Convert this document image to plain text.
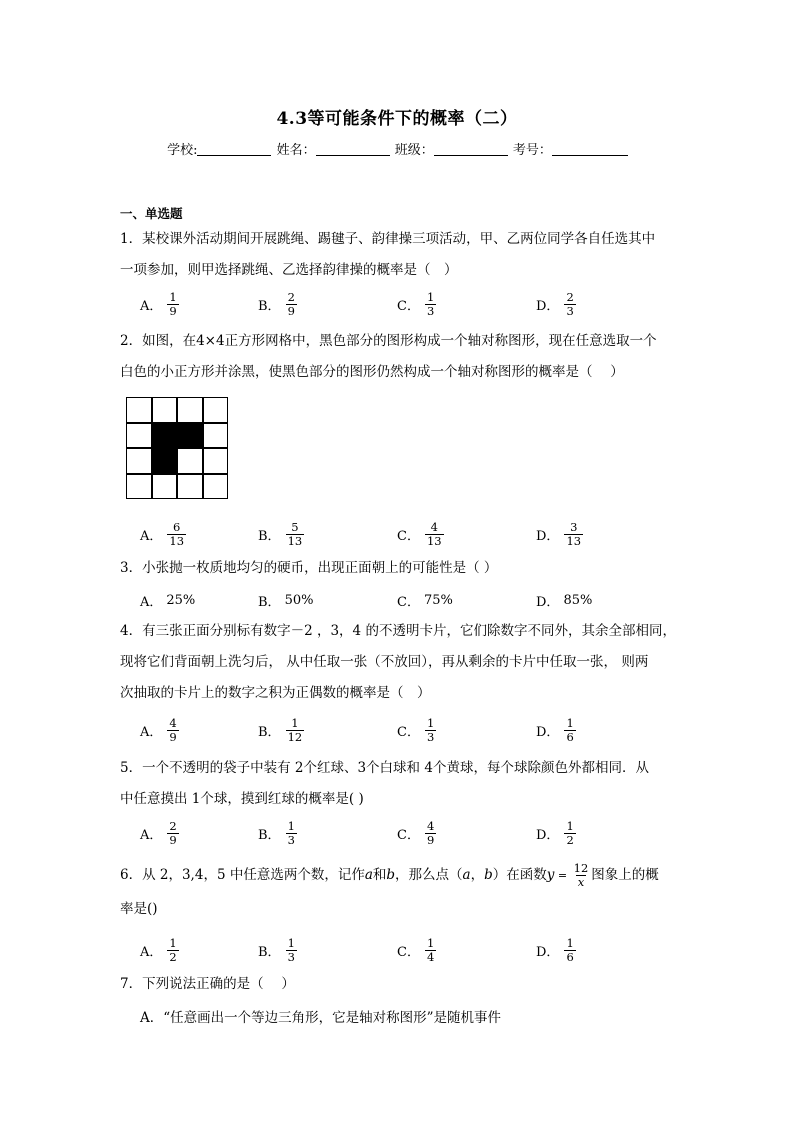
4.3等可能条件下的概率（二）
学校:	姓名：	班级：	考号：
一、单选题
1．某校课外活动期间开展跳绳、踢毽子、韵律操三项活动，甲、乙两位同学各自任选其中
一项参加，则甲选择跳绳、乙选择韵律操的概率是（　）
A． $\frac{1}{9}$	B． $\frac{2}{9}$	C． $\frac{1}{3}$	D． $\frac{2}{3}$
2．如图，在4×4正方形网格中，黑色部分的图形构成一个轴对称图形，现在任意选取一个
白色的小正方形并涂黑，使黑色部分的图形仍然构成一个轴对称图形的概率是（　 ）
A． $\frac{6}{13}$	B． $\frac{5}{13}$	C． $\frac{4}{13}$	D． $\frac{3}{13}$
3．小张抛一枚质地均匀的硬币，出现正面朝上的可能性是（ ）
A． 25%	B． 50%	C． 75%	D． 85%
4．有三张正面分别标有数字－2 ，3，4 的不透明卡片，它们除数字不同外，其余全部相同，
现将它们背面朝上洗匀后， 从中任取一张（不放回），再从剩余的卡片中任取一张， 则两
次抽取的卡片上的数字之积为正偶数的概率是（　）
A． $\frac{4}{9}$	B． $\frac{1}{12}$	C． $\frac{1}{3}$	D． $\frac{1}{6}$
5．一个不透明的袋子中装有 2个红球、3个白球和 4个黄球，每个球除颜色外都相同．从
中任意摸出 1个球，摸到红球的概率是( )
A． $\frac{2}{9}$	B． $\frac{1}{3}$	C． $\frac{4}{9}$	D． $\frac{1}{2}$
6．从 2，3,4，5 中任意选两个数，记作a和b，那么点（a，b）在函数 $y = \frac{12}{x}$ 图象上的概
率是()
A． $\frac{1}{2}$	B． $\frac{1}{3}$	C． $\frac{1}{4}$	D． $\frac{1}{6}$
7．下列说法正确的是（　 ）
A．“任意画出一个等边三角形，它是轴对称图形”是随机事件
